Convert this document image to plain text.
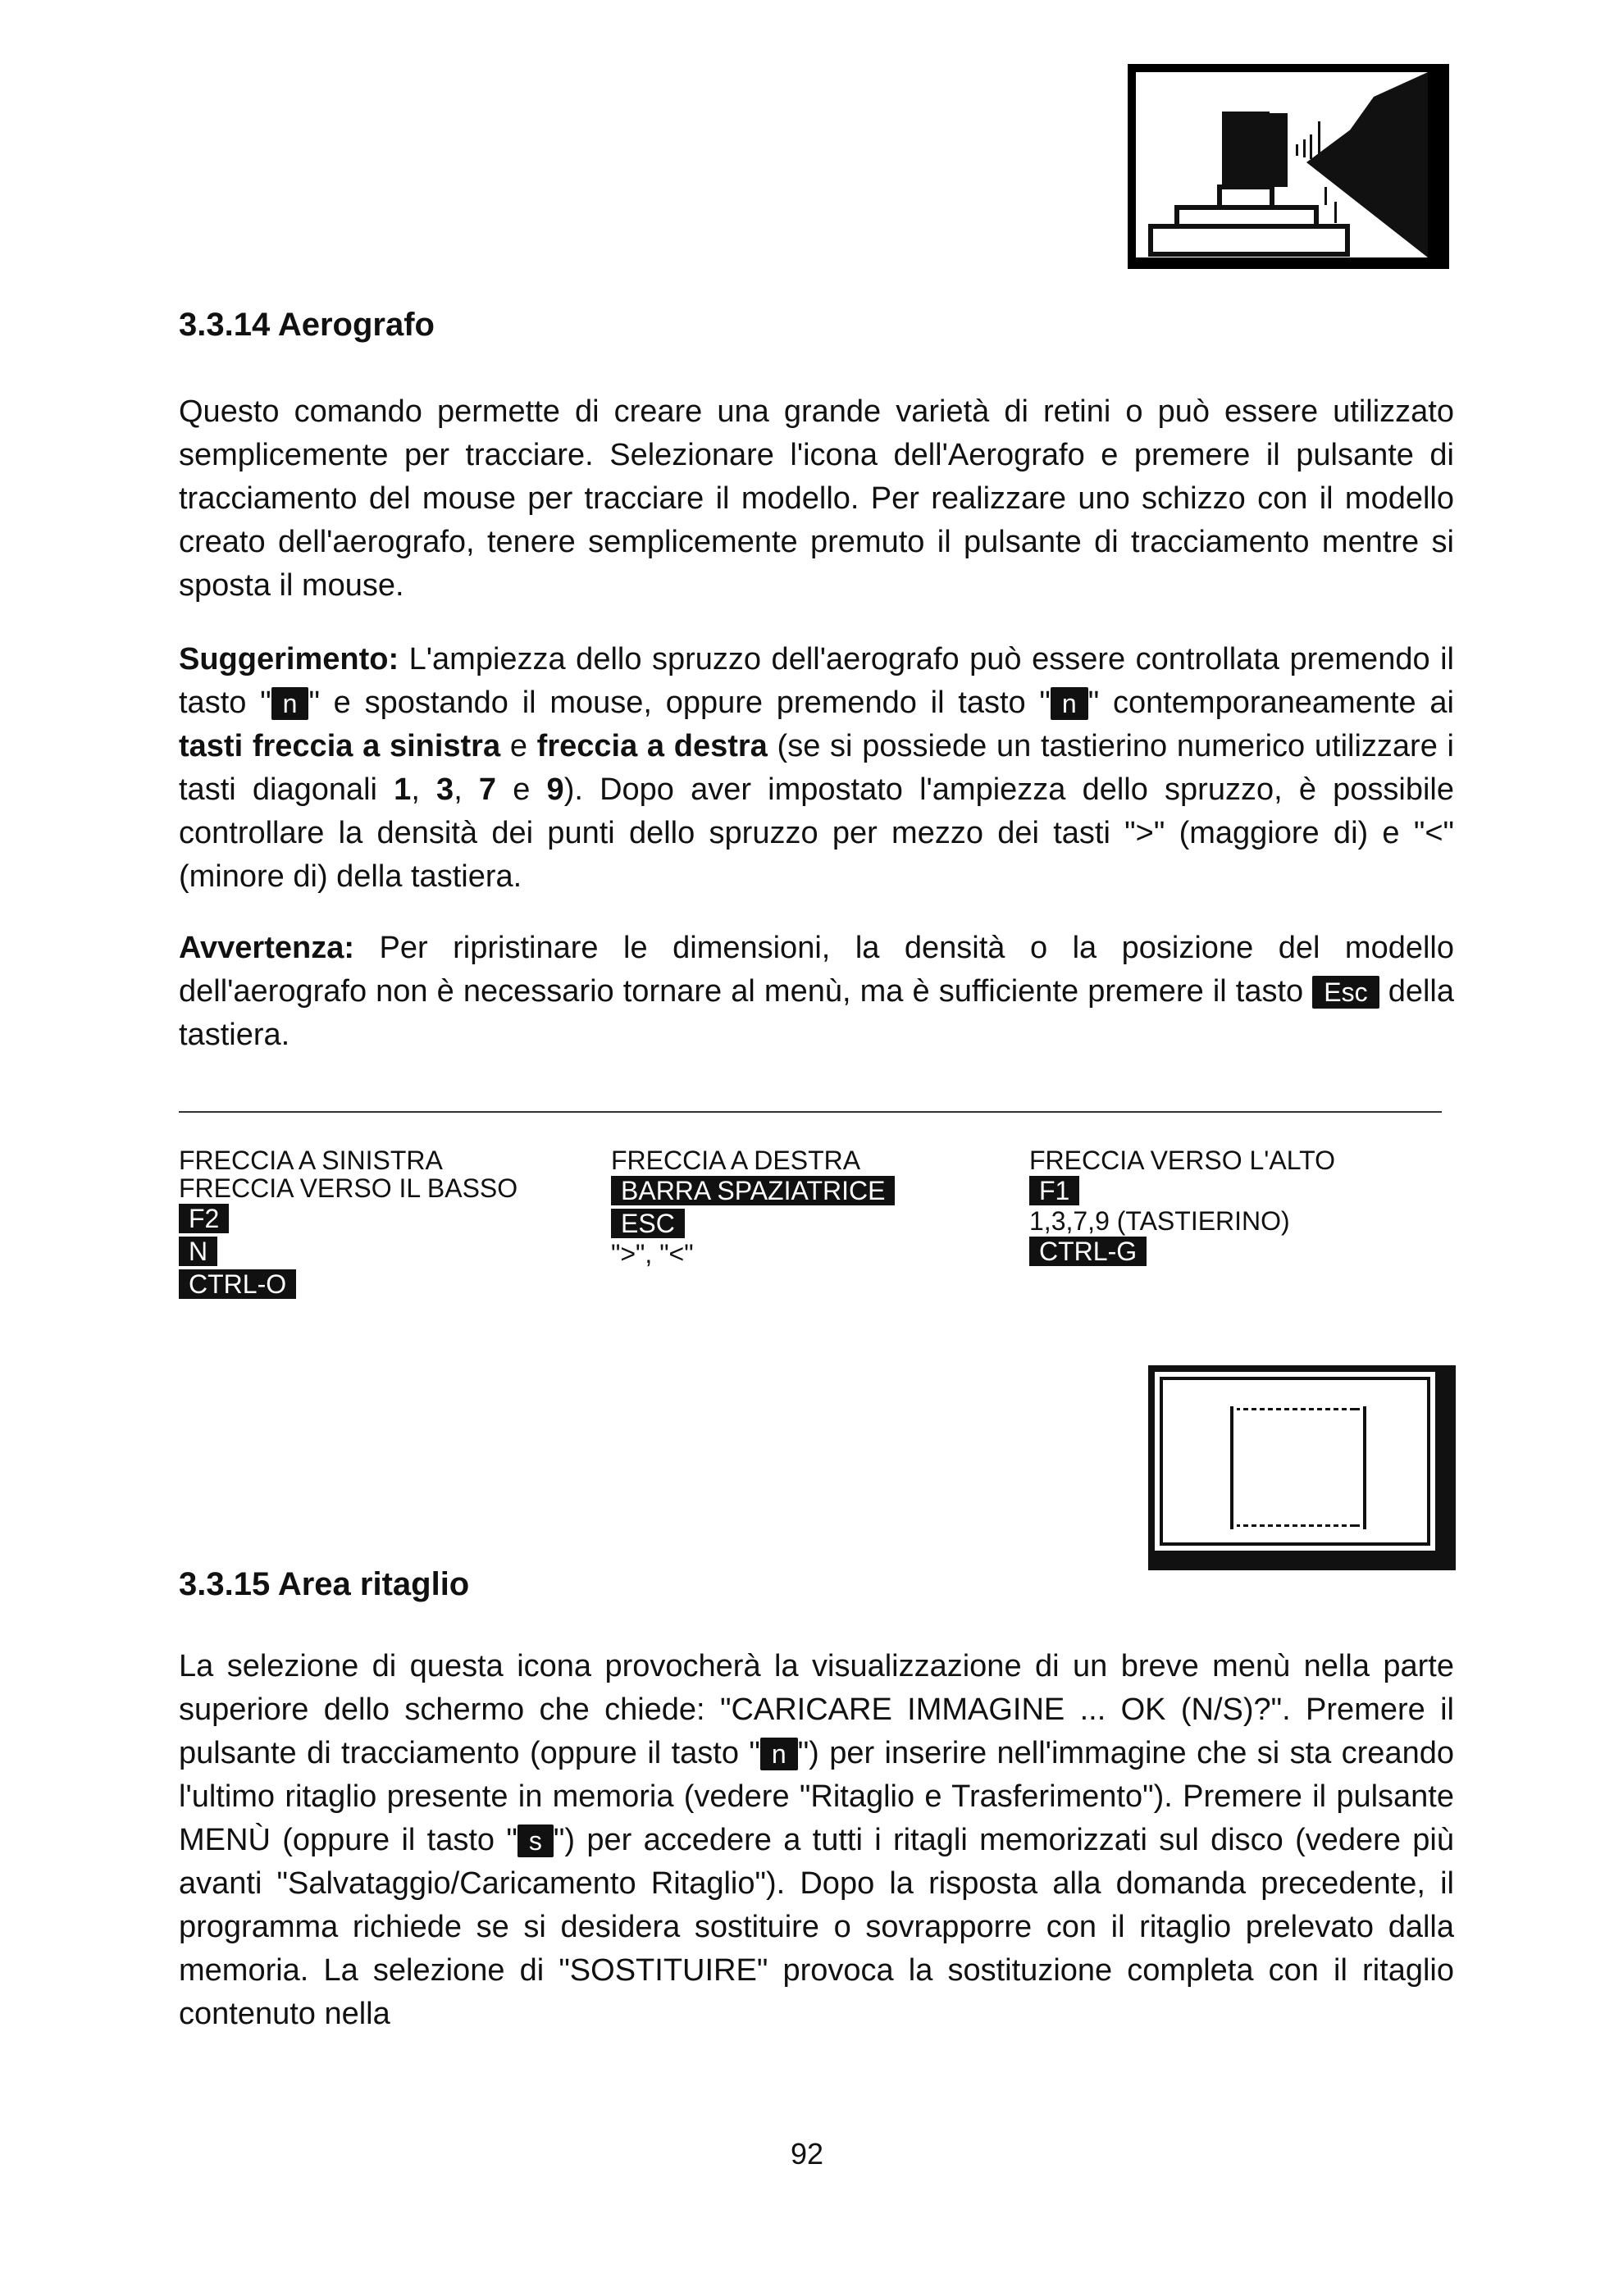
3.3.14 Aerografo

Questo comando permette di creare una grande varietà di retini o può essere utilizzato semplicemente per tracciare. Selezionare l'icona dell'Aerografo e premere il pulsante di tracciamento del mouse per tracciare il modello. Per realizzare uno schizzo con il modello creato dell'aerografo, tenere semplicemente premuto il pulsante di tracciamento mentre si sposta il mouse.

Suggerimento: L'ampiezza dello spruzzo dell'aerografo può essere controllata premendo il tasto " n " e spostando il mouse, oppure premendo il tasto " n " contemporaneamente ai tasti freccia a sinistra e freccia a destra (se si possiede un tastierino numerico utilizzare i tasti diagonali 1, 3, 7 e 9). Dopo aver impostato l'ampiezza dello spruzzo, è possibile controllare la densità dei punti dello spruzzo per mezzo dei tasti ">" (maggiore di) e "<" (minore di) della tastiera.

Avvertenza: Per ripristinare le dimensioni, la densità o la posizione del modello dell'aerografo non è necessario tornare al menù, ma è sufficiente premere il tasto Esc della tastiera.

FRECCIA A SINISTRA
FRECCIA VERSO IL BASSO
F2
N
CTRL-O
FRECCIA A DESTRA
BARRA SPAZIATRICE
ESC
">", "<"
FRECCIA VERSO L'ALTO
F1
1,3,7,9 (TASTIERINO)
CTRL-G
3.3.15 Area ritaglio

La selezione di questa icona provocherà la visualizzazione di un breve menù nella parte superiore dello schermo che chiede: "CARICARE IMMAGINE ... OK (N/S)?". Premere il pulsante di tracciamento (oppure il tasto " n ") per inserire nell'immagine che si sta creando l'ultimo ritaglio presente in memoria (vedere "Ritaglio e Trasferimento"). Premere il pulsante MENÙ (oppure il tasto " s ") per accedere a tutti i ritagli memorizzati sul disco (vedere più avanti "Salvataggio/Caricamento Ritaglio"). Dopo la risposta alla domanda precedente, il programma richiede se si desidera sostituire o sovrapporre con il ritaglio prelevato dalla memoria. La selezione di "SOSTITUIRE" provoca la sostituzione completa con il ritaglio contenuto nella

92
